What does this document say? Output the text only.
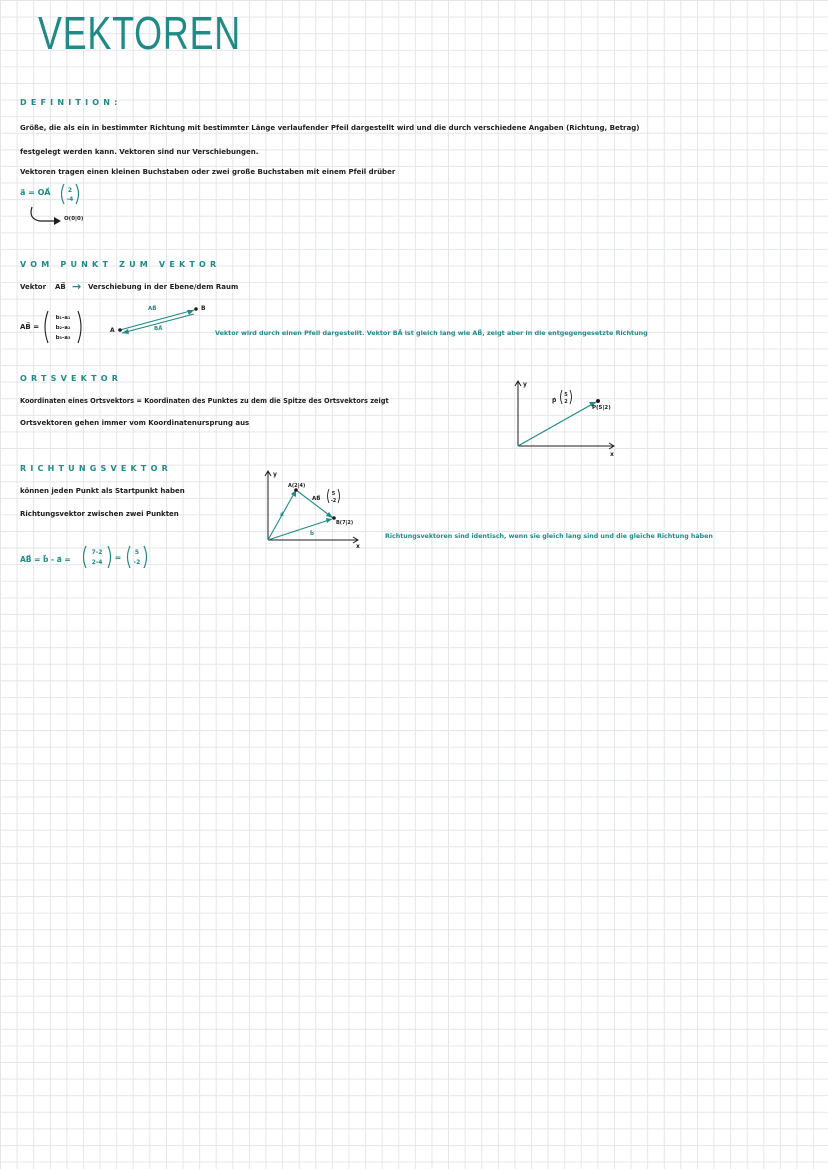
VEKTOREN
DEFINITION:
Größe, die als ein in bestimmter Richtung mit bestimmter Länge verlaufender Pfeil dargestellt wird und die durch verschiedene Angaben (Richtung, Betrag)
festgelegt werden kann. Vektoren sind nur Verschiebungen.
Vektoren tragen einen kleinen Buchstaben oder zwei große Buchstaben mit einem Pfeil drüber
a⃗ = OA⃗	2
-4
O(0|0)
VOM PUNKT ZUM VEKTOR
Vektor AB⃗ → Verschiebung in der Ebene/dem Raum
AB⃗ =
b₁-a₁
b₂-a₂
b₃-a₃
A
B
AB⃗
BA⃗	Vektor wird durch einen Pfeil dargestellt. Vektor BA⃗ ist gleich lang wie AB⃗, zeigt aber in die entgegengesetzte Richtung
ORTSVEKTOR
Koordinaten eines Ortsvektors = Koordinaten des Punktes zu dem die Spitze des Ortsvektors zeigt
Ortsvektoren gehen immer vom Koordinatenursprung aus
y
x
P(5|2)
p⃗
5
2
RICHTUNGSVEKTOR
können jeden Punkt als Startpunkt haben
Richtungsvektor zwischen zwei Punkten
AB⃗ = b⃗ - a⃗ =
7-2
2-4
=
5
-2
y
x
A(2|4)
B(7|2)
a⃗
b⃗
AB⃗
5
-2
Richtungsvektoren sind identisch, wenn sie gleich lang sind und die gleiche Richtung haben
